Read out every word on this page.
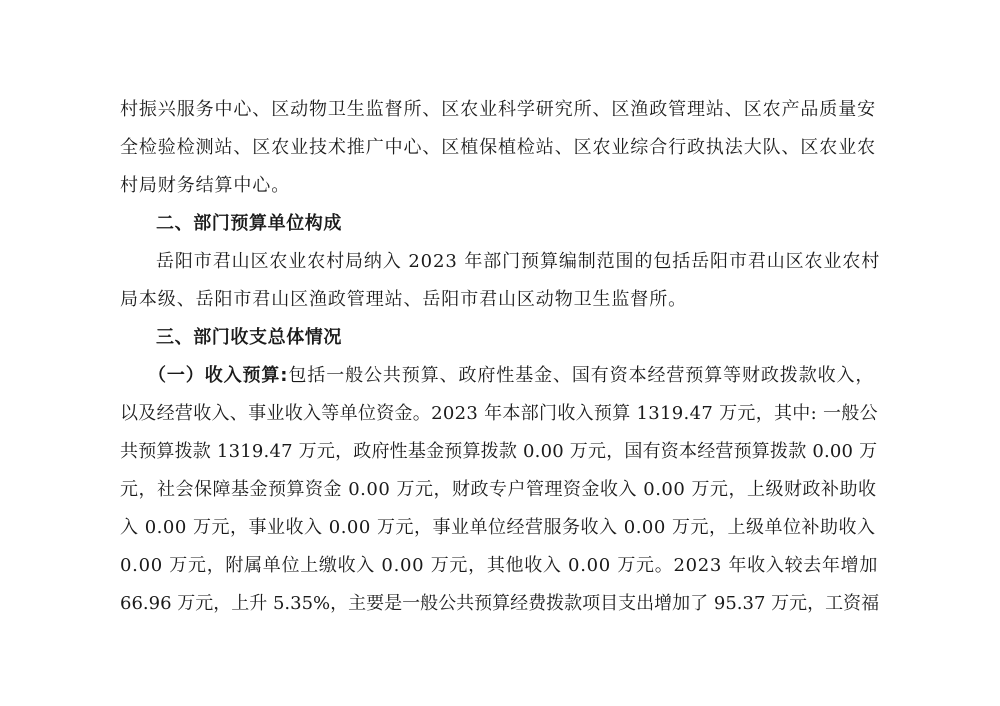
村振兴服务中心、区动物卫生监督所、区农业科学研究所、区渔政管理站、区农产品质量安
全检验检测站、区农业技术推广中心、区植保植检站、区农业综合行政执法大队、区农业农
村局财务结算中心。
二、部门预算单位构成
岳阳市君山区农业农村局纳入 2023 年部门预算编制范围的包括岳阳市君山区农业农村
局本级、岳阳市君山区渔政管理站、岳阳市君山区动物卫生监督所。
三、部门收支总体情况
（一）收入预算:包括一般公共预算、政府性基金、国有资本经营预算等财政拨款收入，
以及经营收入、事业收入等单位资金。2023 年本部门收入预算 1319.47 万元，其中: 一般公
共预算拨款 1319.47 万元，政府性基金预算拨款 0.00 万元，国有资本经营预算拨款 0.00 万
元，社会保障基金预算资金 0.00 万元，财政专户管理资金收入 0.00 万元，上级财政补助收
入 0.00 万元，事业收入 0.00 万元，事业单位经营服务收入 0.00 万元，上级单位补助收入
0.00 万元，附属单位上缴收入 0.00 万元，其他收入 0.00 万元。2023 年收入较去年增加
66.96 万元，上升 5.35%，主要是一般公共预算经费拨款项目支出增加了 95.37 万元，工资福
